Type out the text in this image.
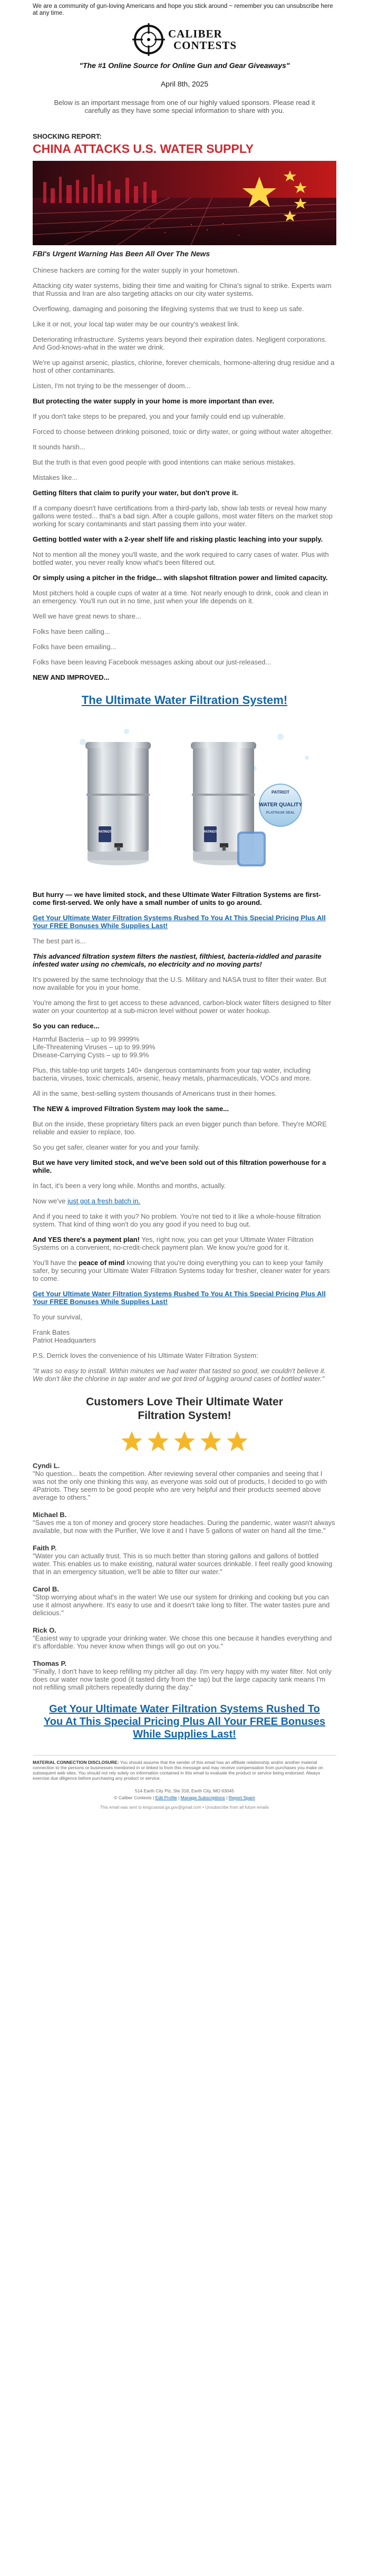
We are a community of gun-loving Americans and hope you stick around ~ remember you can unsubscribe here at any time.
CALIBER
CONTESTS
"The #1 Online Source for Online Gun and Gear Giveaways"
April 8th, 2025
Below is an important message from one of our highly valued sponsors. Please read it carefully as they have some special information to share with you.
SHOCKING REPORT:
CHINA ATTACKS U.S. WATER SUPPLY
FBI's Urgent Warning Has Been All Over The News
Chinese hackers are coming for the water supply in your hometown.
Attacking city water systems, biding their time and waiting for China's signal to strike. Experts warn that Russia and Iran are also targeting attacks on our city water systems.
Overflowing, damaging and poisoning the lifegiving systems that we trust to keep us safe.
Like it or not, your local tap water may be our country's weakest link.
Deteriorating infrastructure. Systems years beyond their expiration dates. Negligent corporations. And God-knows-what in the water we drink.
We're up against arsenic, plastics, chlorine, forever chemicals, hormone-altering drug residue and a host of other contaminants.
Listen, I'm not trying to be the messenger of doom...
But protecting the water supply in your home is more important than ever.
If you don't take steps to be prepared, you and your family could end up vulnerable.
Forced to choose between drinking poisoned, toxic or dirty water, or going without water altogether.
It sounds harsh...
But the truth is that even good people with good intentions can make serious mistakes.
Mistakes like...
Getting filters that claim to purify your water, but don't prove it.
If a company doesn't have certifications from a third-party lab, show lab tests or reveal how many gallons were tested... that's a bad sign. After a couple gallons, most water filters on the market stop working for scary contaminants and start passing them into your water.
Getting bottled water with a 2-year shelf life and risking plastic leaching into your supply.
Not to mention all the money you'll waste, and the work required to carry cases of water. Plus with bottled water, you never really know what's been filtered out.
Or simply using a pitcher in the fridge... with slapshot filtration power and limited capacity.
Most pitchers hold a couple cups of water at a time. Not nearly enough to drink, cook and clean in an emergency. You'll run out in no time, just when your life depends on it.
Well we have great news to share...
Folks have been calling...
Folks have been emailing...
Folks have been leaving Facebook messages asking about our just-released...
NEW AND IMPROVED...
The Ultimate Water Filtration System!
PATRIOT	PATRIOT
PATRIOT
WATER QUALITY
PLATINUM SEAL
But hurry — we have limited stock, and these Ultimate Water Filtration Systems are first-come first-served. We only have a small number of units to go around.
Get Your Ultimate Water Filtration Systems Rushed To You At This Special Pricing Plus All Your FREE Bonuses While Supplies Last!
The best part is...
This advanced filtration system filters the nastiest, filthiest, bacteria-riddled and parasite infested water using no chemicals, no electricity and no moving parts!
It's powered by the same technology that the U.S. Military and NASA trust to filter their water. But now available for you in your home.
You're among the first to get access to these advanced, carbon-block water filters designed to filter water on your countertop at a sub-micron level without power or water hookup.
So you can reduce...
Harmful Bacteria – up to 99.9999%
Life-Threatening Viruses – up to 99.99%
Disease-Carrying Cysts – up to 99.9%
Plus, this table-top unit targets 140+ dangerous contaminants from your tap water, including bacteria, viruses, toxic chemicals, arsenic, heavy metals, pharmaceuticals, VOCs and more.
All in the same, best-selling system thousands of Americans trust in their homes.
The NEW & improved Filtration System may look the same...
But on the inside, these proprietary filters pack an even bigger punch than before. They're MORE reliable and easier to replace, too.
So you get safer, cleaner water for you and your family.
But we have very limited stock, and we've been sold out of this filtration powerhouse for a while.
In fact, it's been a very long while. Months and months, actually.
Now we've just got a fresh batch in.
And if you need to take it with you? No problem. You're not tied to it like a whole-house filtration system. That kind of thing won't do you any good if you need to bug out.
And YES there's a payment plan! Yes, right now, you can get your Ultimate Water Filtration Systems on a convenient, no-credit-check payment plan. We know you're good for it.
You'll have the peace of mind knowing that you're doing everything you can to keep your family safer, by securing your Ultimate Water Filtration Systems today for fresher, cleaner water for years to come.
Get Your Ultimate Water Filtration Systems Rushed To You At This Special Pricing Plus All Your FREE Bonuses While Supplies Last!
To your survival,
Frank Bates
Patriot Headquarters
P.S. Derrick loves the convenience of his Ultimate Water Filtration System:
"It was so easy to install. Within minutes we had water that tasted so good, we couldn't believe it. We don't like the chlorine in tap water and we got tired of lugging around cases of bottled water."
Customers Love Their Ultimate Water Filtration System!
Cyndi L.
"No question... beats the competition. After reviewing several other companies and seeing that I was not the only one thinking this way, as everyone was sold out of products, I decided to go with 4Patriots. They seem to be good people who are very helpful and their products seemed above average to others."
Michael B.
"Saves me a ton of money and grocery store headaches. During the pandemic, water wasn't always available, but now with the Purifier, We love it and I have 5 gallons of water on hand all the time."
Faith P.
"Water you can actually trust. This is so much better than storing gallons and gallons of bottled water. This enables us to make existing, natural water sources drinkable. I feel really good knowing that in an emergency situation, we'll be able to filter our water."
Carol B.
"Stop worrying about what's in the water! We use our system for drinking and cooking but you can use it almost anywhere. It's easy to use and it doesn't take long to filter. The water tastes pure and delicious."
Rick O.
"Easiest way to upgrade your drinking water. We chose this one because it handles everything and it's affordable. You never know when things will go out on you."
Thomas P.
"Finally, I don't have to keep refilling my pitcher all day. I'm very happy with my water filter. Not only does our water now taste good (it tasted dirty from the tap) but the large capacity tank means I'm not refilling small pitchers repeatedly during the day."
Get Your Ultimate Water Filtration Systems Rushed To You At This Special Pricing Plus All Your FREE Bonuses While Supplies Last!
MATERIAL CONNECTION DISCLOSURE: You should assume that the sender of this email has an affiliate relationship and/or another material connection to the persons or businesses mentioned in or linked to from this message and may receive compensation from purchases you make on subsequent web sites. You should not rely solely on information contained in this email to evaluate the product or service being endorsed. Always exercise due diligence before purchasing any product or service.
514 Earth City Plz, Ste 318, Earth City, MO 63045
© Caliber Contests | Edit Profile | Manage Subscriptions | Report Spam
This email was sent to kingcoastal.ga.gov@gmail.com • Unsubscribe from all future emails
